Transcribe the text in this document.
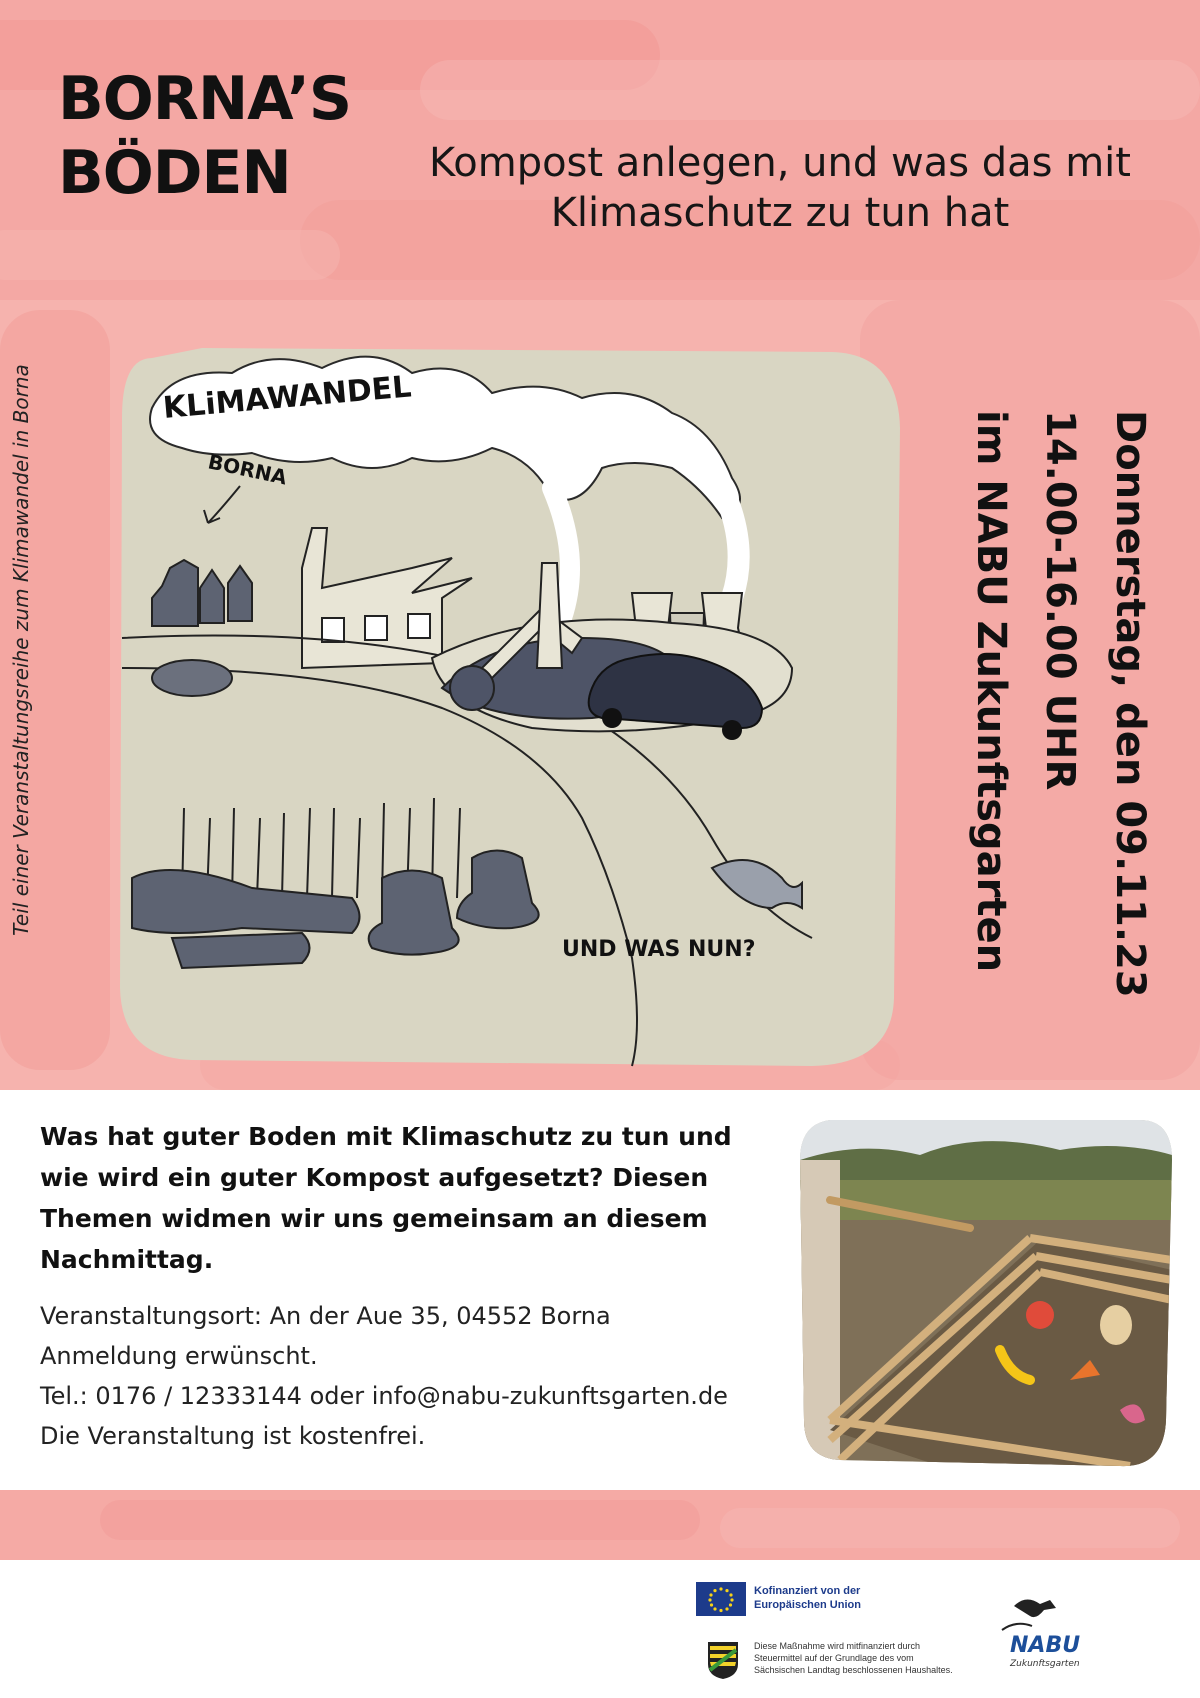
BORNA’S
BÖDEN	Kompost anlegen, und was das mit
Klimaschutz zu tun hat
Teil einer Veranstaltungsreihe zum Klimawandel in Borna	KLiMAWANDEL
BORNA
UND WAS NUN?	Donnerstag, den 09.11.23
14.00-16.00 UHR
im NABU Zukunftsgarten
Was hat guter Boden mit Klimaschutz zu tun und wie wird ein guter Kompost aufgesetzt? Diesen Themen widmen wir uns gemeinsam an diesem Nachmittag.
Veranstaltungsort: An der Aue 35, 04552 Borna
Anmeldung erwünscht.
Tel.: 0176 / 12333144 oder info@nabu-zukunftsgarten.de
Die Veranstaltung ist kostenfrei.
Kofinanziert von der
Europäischen Union
Diese Maßnahme wird mitfinanziert durch
Steuermittel auf der Grundlage des vom
Sächsischen Landtag beschlossenen Haushaltes.
NABU
Zukunftsgarten
